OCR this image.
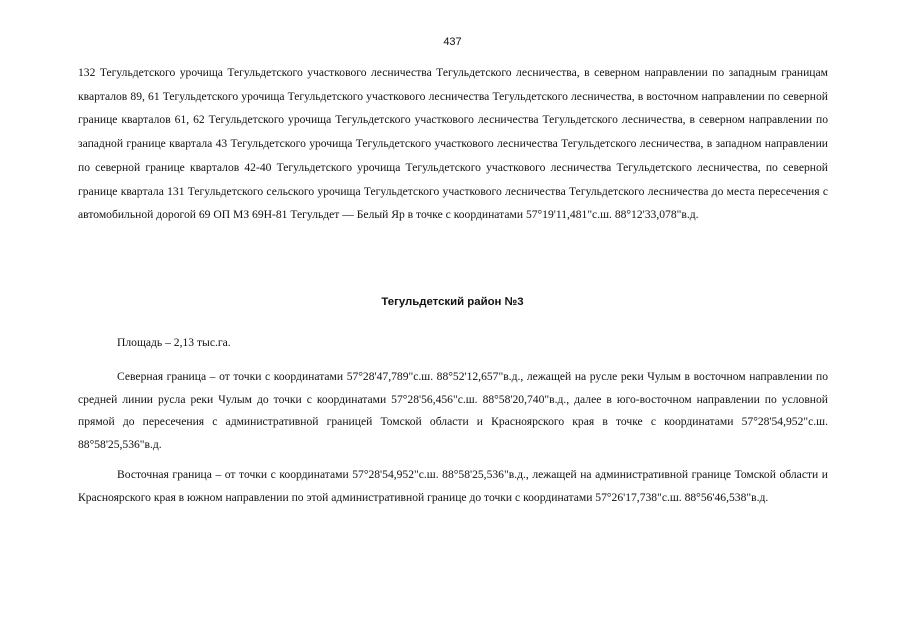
437

132 Тегульдетского урочища Тегульдетского участкового лесничества Тегульдетского лесничества, в северном направлении по западным границам кварталов 89, 61 Тегульдетского урочища Тегульдетского участкового лесничества Тегульдетского лесничества, в восточном направлении по северной границе кварталов 61, 62 Тегульдетского урочища Тегульдетского участкового лесничества Тегульдетского лесничества, в северном направлении по западной границе квартала 43 Тегульдетского урочища Тегульдетского участкового лесничества Тегульдетского лесничества, в западном направлении по северной границе кварталов 42-40 Тегульдетского урочища Тегульдетского участкового лесничества Тегульдетского лесничества, по северной границе квартала 131 Тегульдетского сельского урочища Тегульдетского участкового лесничества Тегульдетского лесничества до места пересечения с автомобильной дорогой 69 ОП МЗ 69Н-81 Тегульдет — Белый Яр в точке с координатами 57°19'11,481"с.ш. 88°12'33,078"в.д.

Тегульдетский район №3
Площадь – 2,13 тыс.га.

Северная граница – от точки с координатами 57°28'47,789"с.ш. 88°52'12,657"в.д., лежащей на русле реки Чулым в восточном направлении по средней линии русла реки Чулым до точки с координатами 57°28'56,456"с.ш. 88°58'20,740"в.д., далее в юго-восточном направлении по условной прямой до пересечения с административной границей Томской области и Красноярского края в точке с координатами 57°28'54,952"с.ш. 88°58'25,536"в.д.

Восточная граница – от точки с координатами 57°28'54,952"с.ш. 88°58'25,536"в.д., лежащей на административной границе Томской области и Красноярского края в южном направлении по этой административной границе до точки с координатами 57°26'17,738"с.ш. 88°56'46,538"в.д.
